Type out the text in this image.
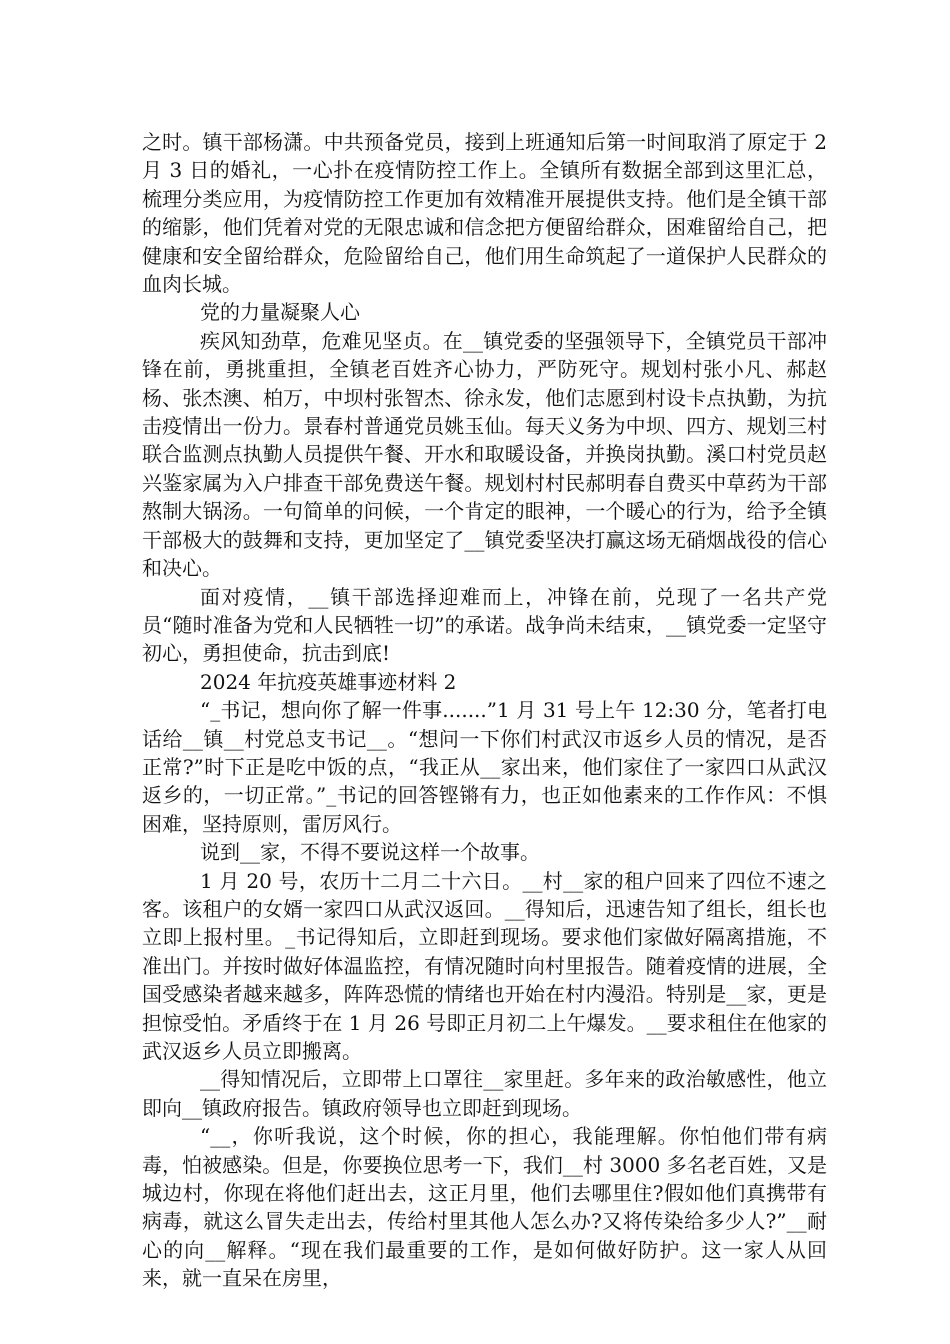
之时。镇干部杨潇。中共预备党员，接到上班通知后第一时间取消了原定于 2 月 3 日的婚礼，一心扑在疫情防控工作上。全镇所有数据全部到这里汇总，梳理分类应用，为疫情防控工作更加有效精准开展提供支持。他们是全镇干部的缩影，他们凭着对党的无限忠诚和信念把方便留给群众，困难留给自己，把健康和安全留给群众，危险留给自己，他们用生命筑起了一道保护人民群众的血肉长城。

党的力量凝聚人心

疾风知劲草，危难见坚贞。在__镇党委的坚强领导下，全镇党员干部冲锋在前，勇挑重担，全镇老百姓齐心协力，严防死守。规划村张小凡、郝赵杨、张杰澳、柏万，中坝村张智杰、徐永发，他们志愿到村设卡点执勤，为抗击疫情出一份力。景春村普通党员姚玉仙。每天义务为中坝、四方、规划三村联合监测点执勤人员提供午餐、开水和取暖设备，并换岗执勤。溪口村党员赵兴鉴家属为入户排查干部免费送午餐。规划村村民郝明春自费买中草药为干部熬制大锅汤。一句简单的问候，一个肯定的眼神，一个暖心的行为，给予全镇干部极大的鼓舞和支持，更加坚定了__镇党委坚决打赢这场无硝烟战役的信心和决心。

面对疫情，__镇干部选择迎难而上，冲锋在前，兑现了一名共产党员“随时准备为党和人民牺牲一切”的承诺。战争尚未结束，__镇党委一定坚守初心，勇担使命，抗击到底!

2024 年抗疫英雄事迹材料 2

“_书记，想向你了解一件事.......”1 月 31 号上午 12:30 分，笔者打电话给__镇__村党总支书记__。“想问一下你们村武汉市返乡人员的情况，是否正常?”时下正是吃中饭的点，“我正从__家出来，他们家住了一家四口从武汉返乡的，一切正常。”_书记的回答铿锵有力，也正如他素来的工作作风：不惧困难，坚持原则，雷厉风行。

说到__家，不得不要说这样一个故事。

1 月 20 号，农历十二月二十六日。__村__家的租户回来了四位不速之客。该租户的女婿一家四口从武汉返回。__得知后，迅速告知了组长，组长也立即上报村里。_书记得知后，立即赶到现场。要求他们家做好隔离措施，不准出门。并按时做好体温监控，有情况随时向村里报告。随着疫情的进展，全国受感染者越来越多，阵阵恐慌的情绪也开始在村内漫沿。特别是__家，更是担惊受怕。矛盾终于在 1 月 26 号即正月初二上午爆发。__要求租住在他家的武汉返乡人员立即搬离。

__得知情况后，立即带上口罩往__家里赶。多年来的政治敏感性，他立即向__镇政府报告。镇政府领导也立即赶到现场。

“__，你听我说，这个时候，你的担心，我能理解。你怕他们带有病毒，怕被感染。但是，你要换位思考一下，我们__村 3000 多名老百姓，又是城边村，你现在将他们赶出去，这正月里，他们去哪里住?假如他们真携带有病毒，就这么冒失走出去，传给村里其他人怎么办?又将传染给多少人?”__耐心的向__解释。“现在我们最重要的工作，是如何做好防护。这一家人从回来，就一直呆在房里，
